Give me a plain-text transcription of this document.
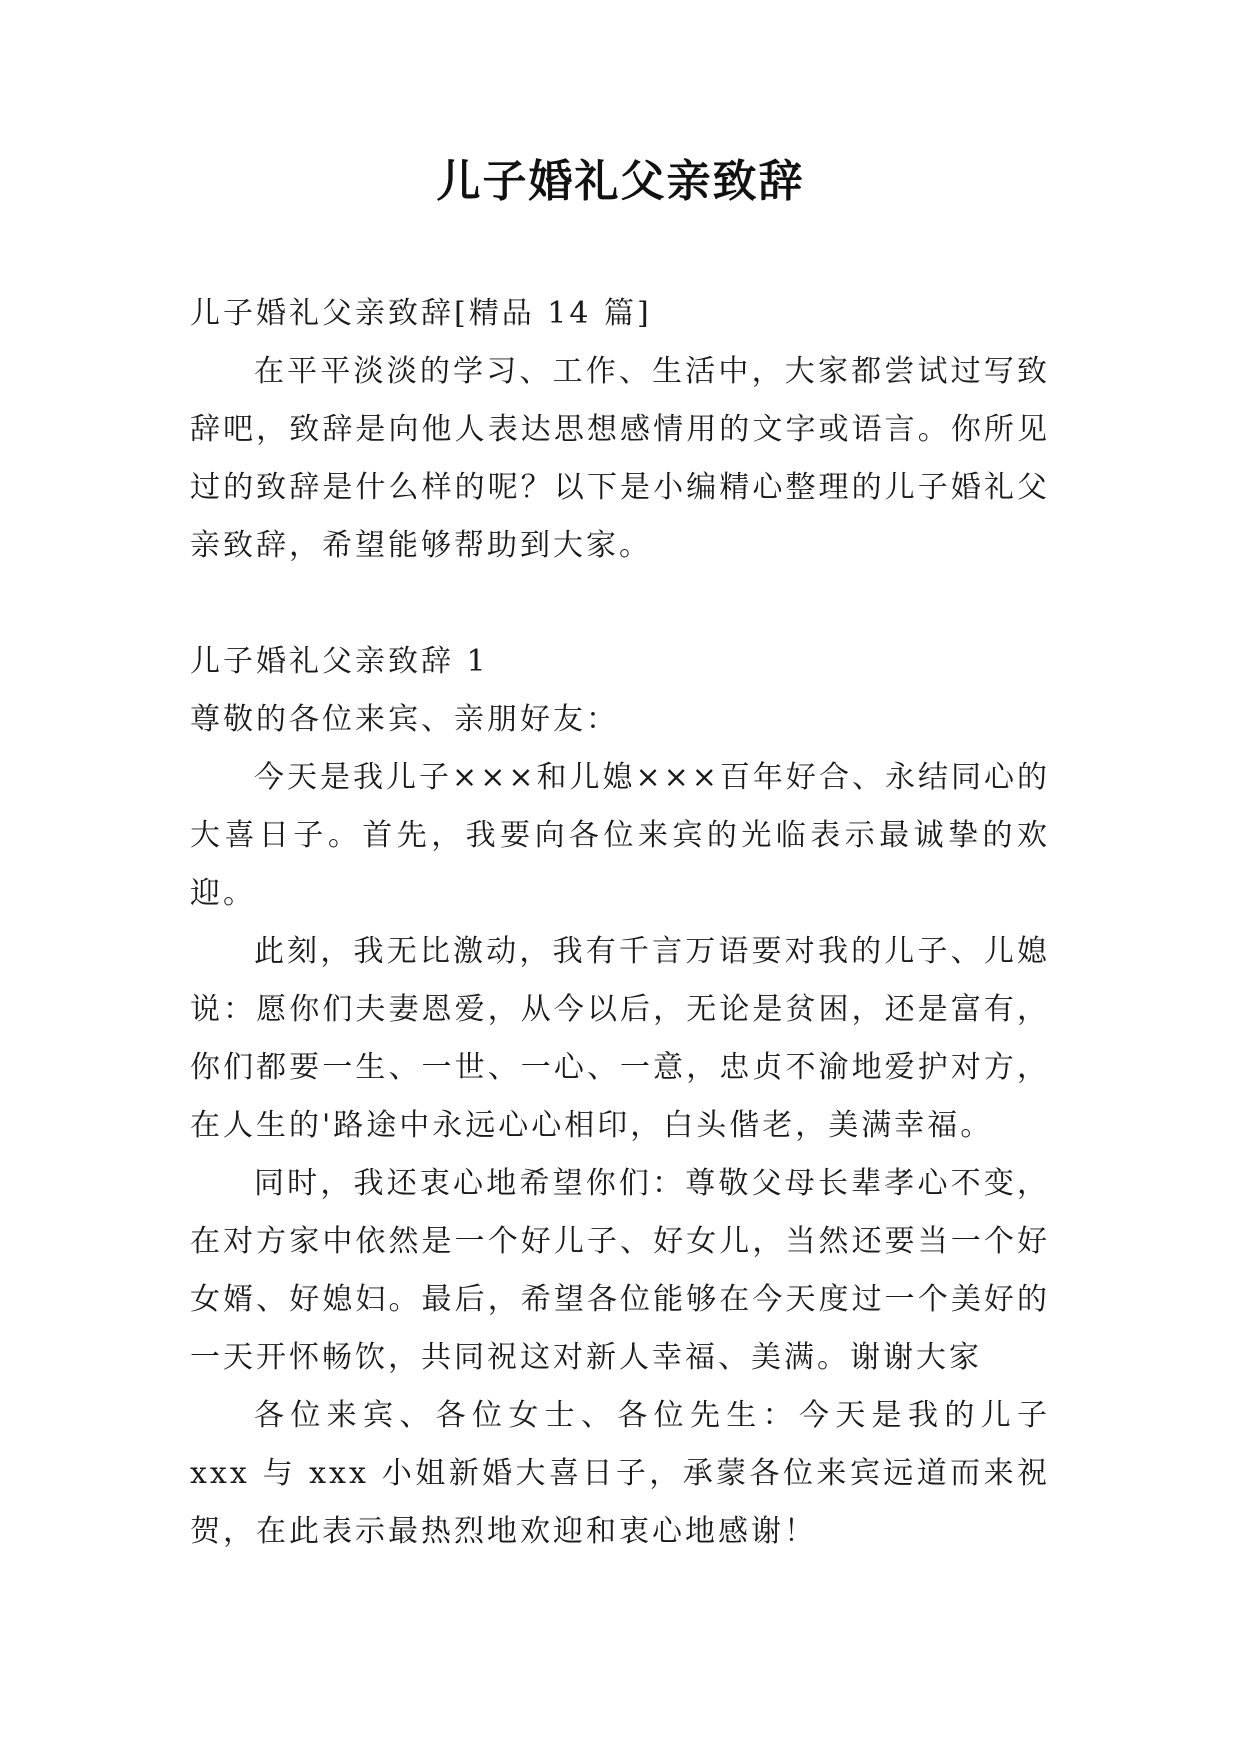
儿子婚礼父亲致辞

儿子婚礼父亲致辞[精品 14 篇]

在平平淡淡的学习、工作、生活中，大家都尝试过写致辞吧，致辞是向他人表达思想感情用的文字或语言。你所见过的致辞是什么样的呢？以下是小编精心整理的儿子婚礼父亲致辞，希望能够帮助到大家。

儿子婚礼父亲致辞 1

尊敬的各位来宾、亲朋好友：

今天是我儿子×××和儿媳×××百年好合、永结同心的大喜日子。首先，我要向各位来宾的光临表示最诚挚的欢迎。

此刻，我无比激动，我有千言万语要对我的儿子、儿媳说：愿你们夫妻恩爱，从今以后，无论是贫困，还是富有，你们都要一生、一世、一心、一意，忠贞不渝地爱护对方，在人生的'路途中永远心心相印，白头偕老，美满幸福。

同时，我还衷心地希望你们：尊敬父母长辈孝心不变，在对方家中依然是一个好儿子、好女儿，当然还要当一个好女婿、好媳妇。最后，希望各位能够在今天度过一个美好的一天开怀畅饮，共同祝这对新人幸福、美满。谢谢大家

各位来宾、各位女士、各位先生：今天是我的儿子 xxx 与 xxx 小姐新婚大喜日子，承蒙各位来宾远道而来祝贺，在此表示最热烈地欢迎和衷心地感谢！
